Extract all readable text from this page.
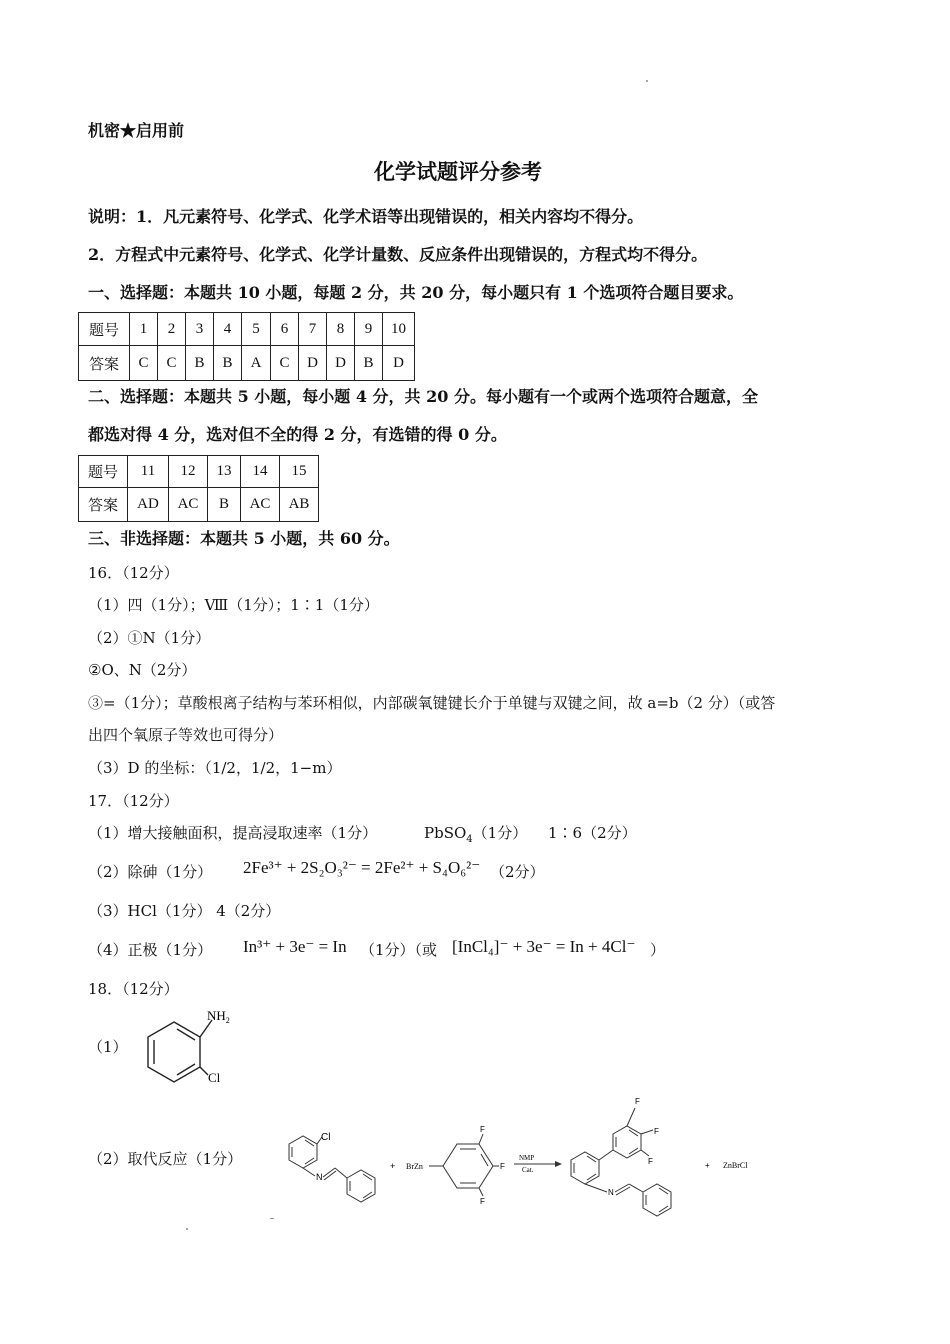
机密★启用前
化学试题评分参考
说明：1．凡元素符号、化学式、化学术语等出现错误的，相关内容均不得分。
2．方程式中元素符号、化学式、化学计量数、反应条件出现错误的，方程式均不得分。
一、选择题：本题共 10 小题，每题 2 分，共 20 分，每小题只有 1 个选项符合题目要求。
题号	1	2	3	4	5	6	7	8	9	10
答案	C	C	B	B	A	C	D	D	B	D
二、选择题：本题共 5 小题，每小题 4 分，共 20 分。每小题有一个或两个选项符合题意，全
都选对得 4 分，选对但不全的得 2 分，有选错的得 0 分。
题号	11	12	13	14	15
答案	AD	AC	B	AC	AB
三、非选择题：本题共 5 小题，共 60 分。
16．（12分）
（1）四（1分）；Ⅷ（1分）；1∶1（1分）
（2）①N（1分）
②O、N（2分）
③=（1分）；草酸根离子结构与苯环相似，内部碳氧键键长介于单键与双键之间，故 a=b（2 分）（或答
出四个氧原子等效也可得分）
（3）D 的坐标：（1/2，1/2，1−m）
17．（12分）
（1）增大接触面积，提高浸取速率（1分）	PbSO$_4$（1分） 1∶6（2分）
（2）除砷（1分） 2Fe³⁺ + 2S₂O₃²⁻ = 2Fe²⁺ + S₄O₆²⁻ （2分）
（3）HCl（1分） 4（2分）
（4）正极（1分） In³⁺ + 3e⁻ = In （1分）（或 [InCl₄]⁻ + 3e⁻ = In + 4Cl⁻ ）
18．（12分）
（1）
$NH_2$
Cl
（2）取代反应（1分）
Cl
N
+ BrZn
F
F
F
NMP
Cat.
F
F
F
N
+ ZnBrCl
